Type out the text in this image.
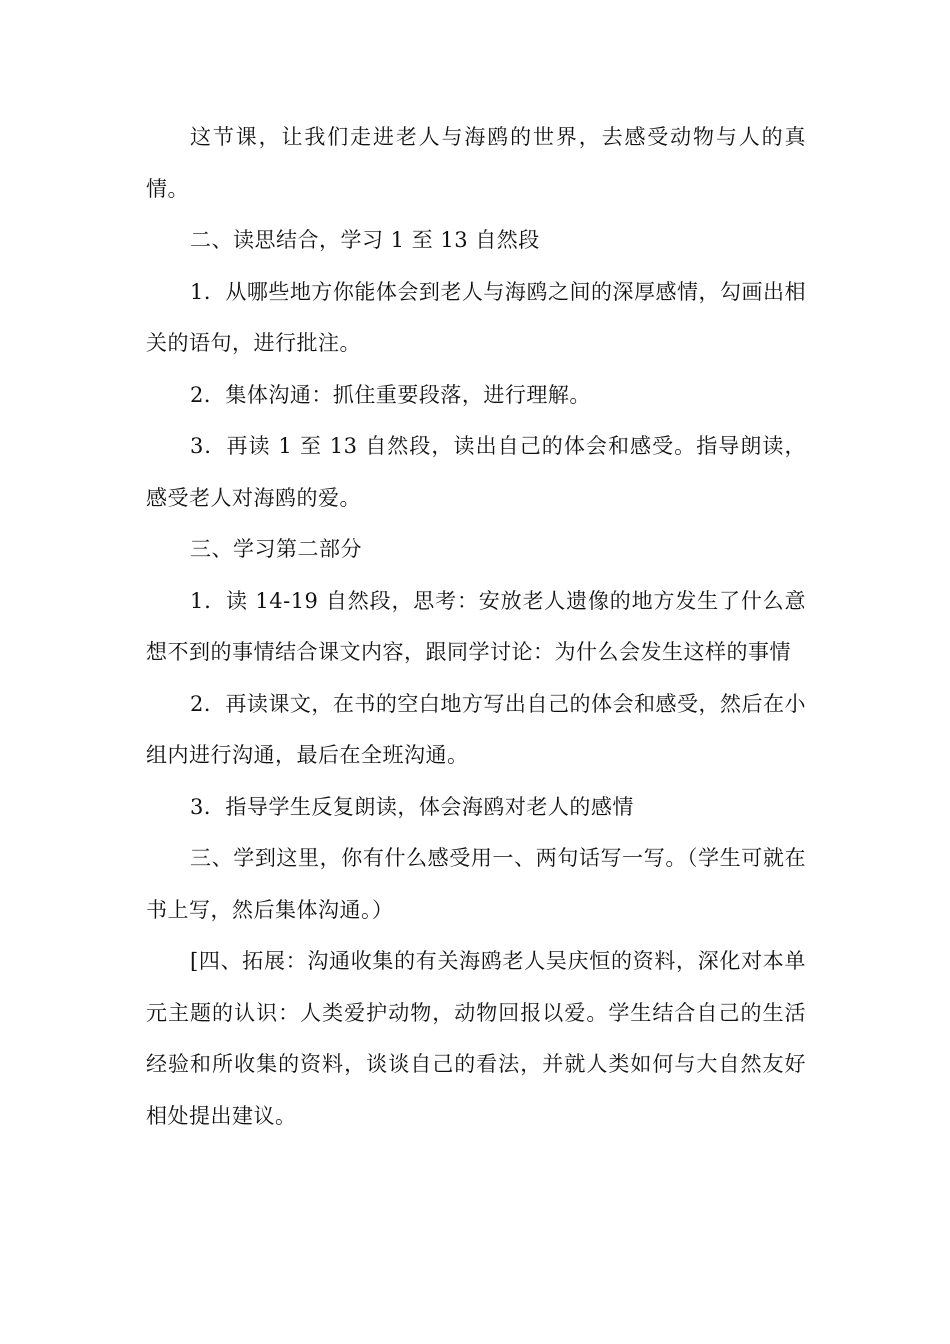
这节课，让我们走进老人与海鸥的世界，去感受动物与人的真情。

二、读思结合，学习 1 至 13 自然段

1．从哪些地方你能体会到老人与海鸥之间的深厚感情，勾画出相关的语句，进行批注。

2．集体沟通：抓住重要段落，进行理解。

3．再读 1 至 13 自然段，读出自己的体会和感受。指导朗读，感受老人对海鸥的爱。

三、学习第二部分

1．读 14-19 自然段，思考：安放老人遗像的地方发生了什么意想不到的事情结合课文内容，跟同学讨论：为什么会发生这样的事情

2．再读课文，在书的空白地方写出自己的体会和感受，然后在小组内进行沟通，最后在全班沟通。

3．指导学生反复朗读，体会海鸥对老人的感情

三、学到这里，你有什么感受用一、两句话写一写。（学生可就在书上写，然后集体沟通。）

[四、拓展：沟通收集的有关海鸥老人吴庆恒的资料，深化对本单元主题的认识：人类爱护动物，动物回报以爱。学生结合自己的生活经验和所收集的资料，谈谈自己的看法，并就人类如何与大自然友好相处提出建议。
